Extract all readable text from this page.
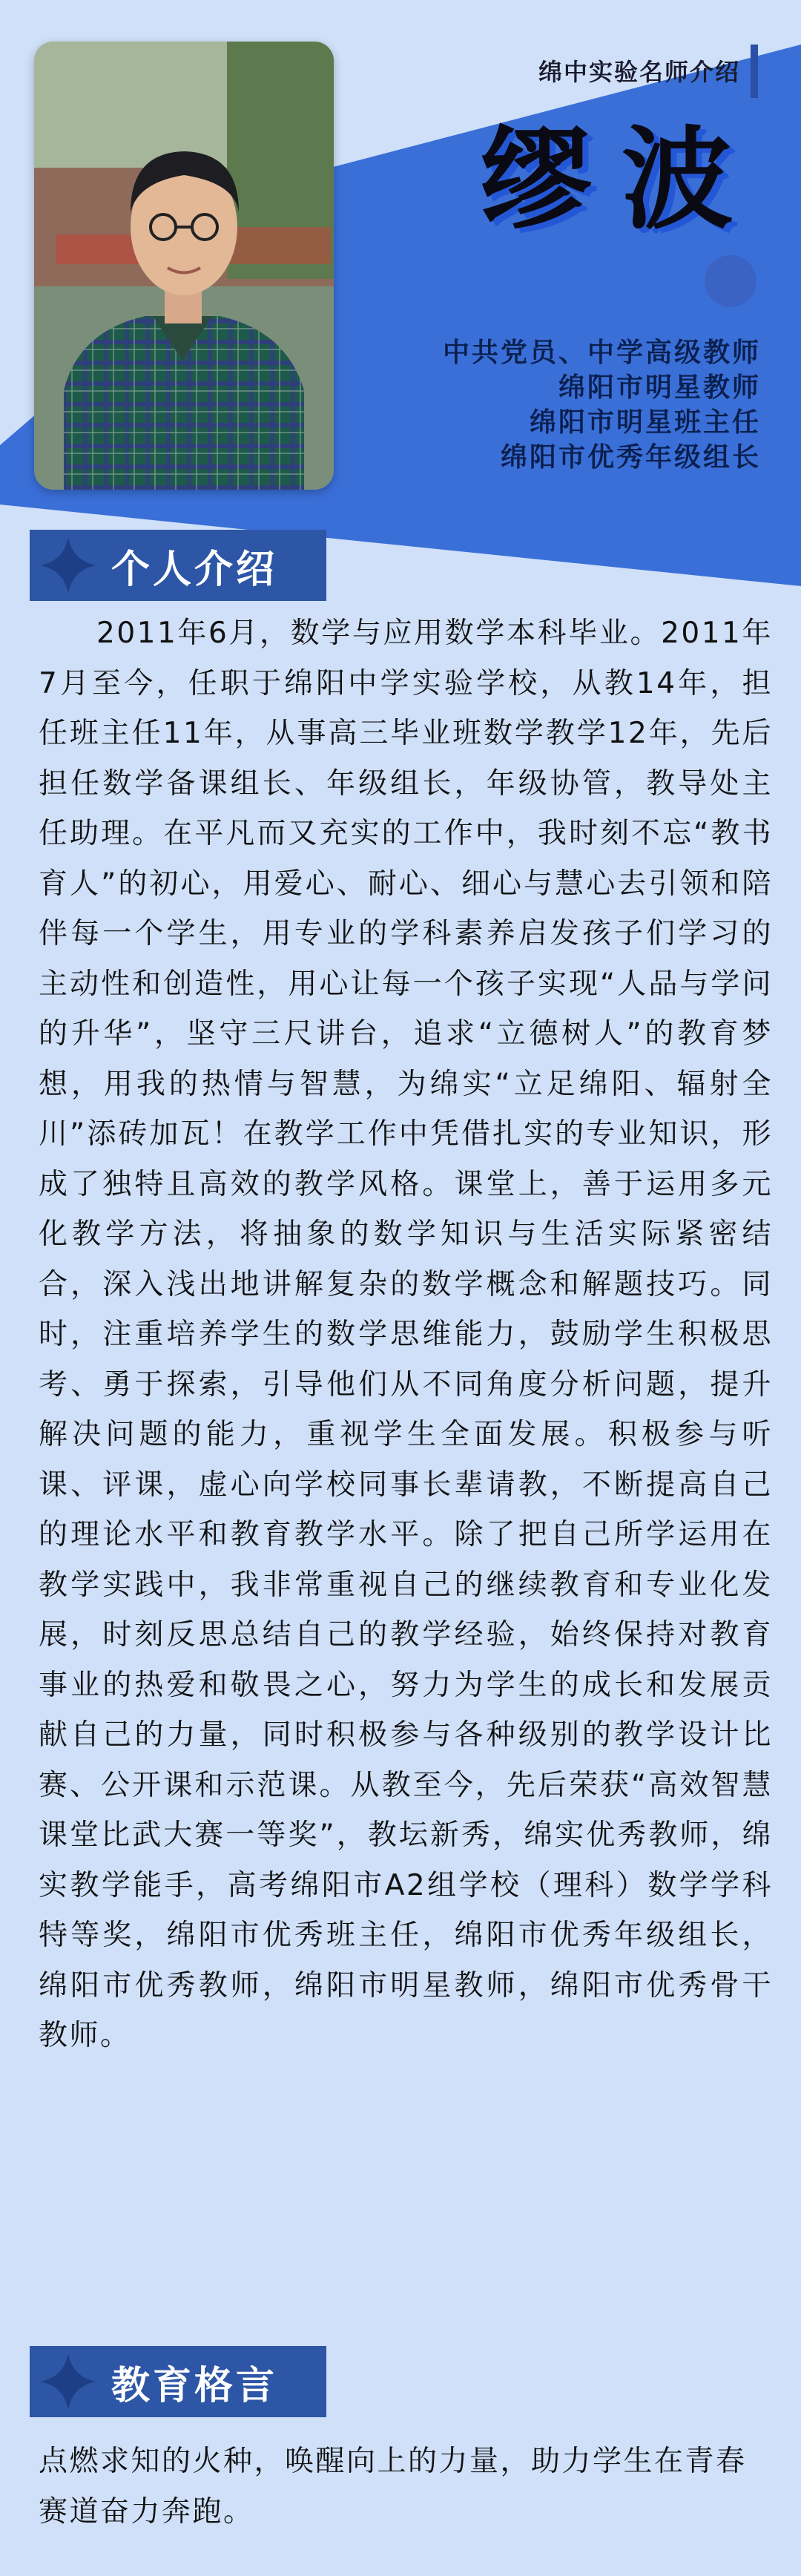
绵中实验名师介绍
缪波
中共党员、中学高级教师
绵阳市明星教师
绵阳市明星班主任
绵阳市优秀年级组长
个人介绍
2011年6月，数学与应用数学本科毕业。2011年7月至今，任职于绵阳中学实验学校，从教14年，担任班主任11年，从事高三毕业班数学教学12年，先后担任数学备课组长、年级组长，年级协管，教导处主任助理。在平凡而又充实的工作中，我时刻不忘“教书育人”的初心，用爱心、耐心、细心与慧心去引领和陪伴每一个学生，用专业的学科素养启发孩子们学习的主动性和创造性，用心让每一个孩子实现“人品与学问的升华”，坚守三尺讲台，追求“立德树人”的教育梦想，用我的热情与智慧，为绵实“立足绵阳、辐射全川”添砖加瓦！在教学工作中凭借扎实的专业知识，形成了独特且高效的教学风格。课堂上，善于运用多元化教学方法，将抽象的数学知识与生活实际紧密结合，深入浅出地讲解复杂的数学概念和解题技巧。同时，注重培养学生的数学思维能力，鼓励学生积极思考、勇于探索，引导他们从不同角度分析问题，提升解决问题的能力，重视学生全面发展。积极参与听课、评课，虚心向学校同事长辈请教，不断提高自己的理论水平和教育教学水平。除了把自己所学运用在教学实践中，我非常重视自己的继续教育和专业化发展，时刻反思总结自己的教学经验，始终保持对教育事业的热爱和敬畏之心，努力为学生的成长和发展贡献自己的力量，同时积极参与各种级别的教学设计比赛、公开课和示范课。从教至今，先后荣获“高效智慧课堂比武大赛一等奖”，教坛新秀，绵实优秀教师，绵实教学能手，高考绵阳市A2组学校（理科）数学学科特等奖，绵阳市优秀班主任，绵阳市优秀年级组长，绵阳市优秀教师，绵阳市明星教师，绵阳市优秀骨干教师。
教育格言
点燃求知的火种，唤醒向上的力量，助力学生在青春赛道奋力奔跑。
